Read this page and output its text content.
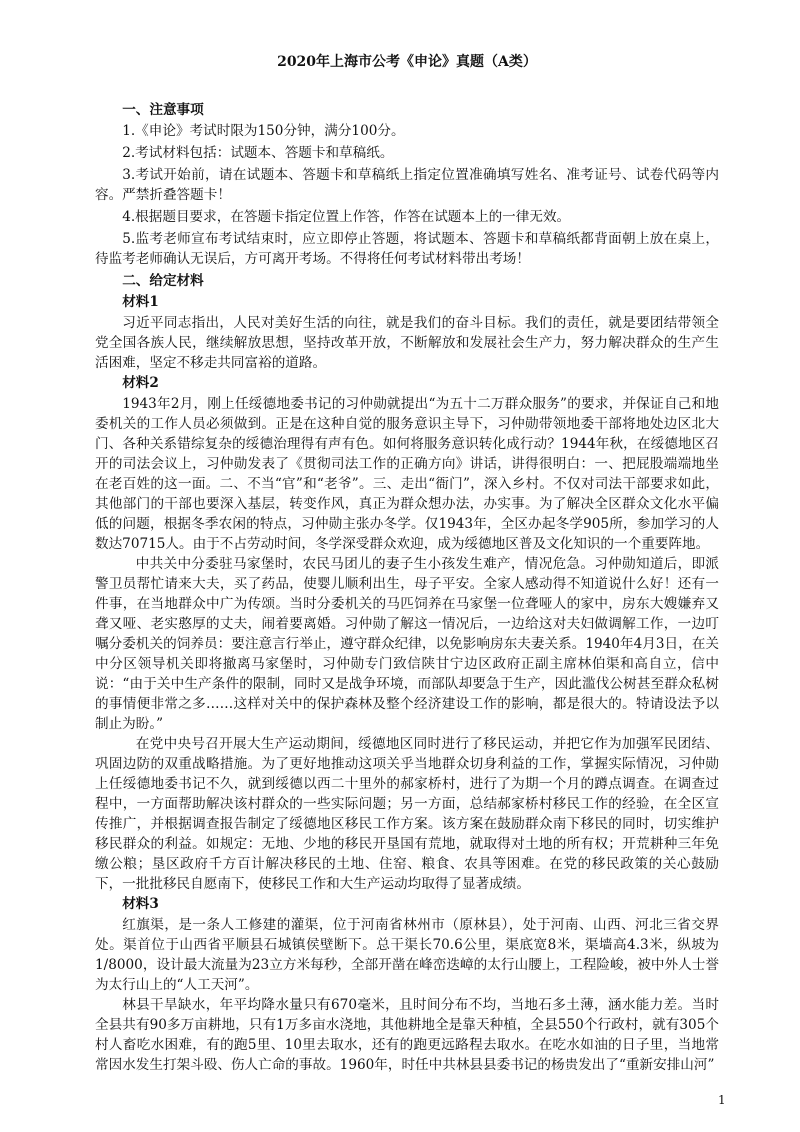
2020年上海市公考《申论》真题（A类）

一、注意事项

1.《申论》考试时限为150分钟，满分100分。

2.考试材料包括：试题本、答题卡和草稿纸。

3.考试开始前，请在试题本、答题卡和草稿纸上指定位置准确填写姓名、准考证号、试卷代码等内容。严禁折叠答题卡！

4.根据题目要求，在答题卡指定位置上作答，作答在试题本上的一律无效。

5.监考老师宣布考试结束时，应立即停止答题，将试题本、答题卡和草稿纸都背面朝上放在桌上，待监考老师确认无误后，方可离开考场。不得将任何考试材料带出考场！

二、给定材料

材料1

习近平同志指出，人民对美好生活的向往，就是我们的奋斗目标。我们的责任，就是要团结带领全党全国各族人民，继续解放思想，坚持改革开放，不断解放和发展社会生产力，努力解决群众的生产生活困难，坚定不移走共同富裕的道路。

材料2

1943年2月，刚上任绥德地委书记的习仲勋就提出“为五十二万群众服务”的要求，并保证自己和地委机关的工作人员必须做到。正是在这种自觉的服务意识主导下，习仲勋带领地委干部将地处边区北大门、各种关系错综复杂的绥德治理得有声有色。如何将服务意识转化成行动？1944年秋，在绥德地区召开的司法会议上，习仲勋发表了《贯彻司法工作的正确方向》讲话，讲得很明白：一、把屁股端端地坐在老百姓的这一面。二、不当“官”和“老爷”。三、走出“衙门”，深入乡村。不仅对司法干部要求如此，其他部门的干部也要深入基层，转变作风，真正为群众想办法，办实事。为了解决全区群众文化水平偏低的问题，根据冬季农闲的特点，习仲勋主张办冬学。仅1943年，全区办起冬学905所，参加学习的人数达70715人。由于不占劳动时间，冬学深受群众欢迎，成为绥德地区普及文化知识的一个重要阵地。

中共关中分委驻马家堡时，农民马团儿的妻子生小孩发生难产，情况危急。习仲勋知道后，即派警卫员帮忙请来大夫，买了药品，使婴儿顺利出生，母子平安。全家人感动得不知道说什么好！还有一件事，在当地群众中广为传颂。当时分委机关的马匹饲养在马家堡一位聋哑人的家中，房东大嫂嫌弃又聋又哑、老实憨厚的丈夫，闹着要离婚。习仲勋了解这一情况后，一边给这对夫妇做调解工作，一边叮嘱分委机关的饲养员：要注意言行举止，遵守群众纪律，以免影响房东夫妻关系。1940年4月3日，在关中分区领导机关即将撤离马家堡时，习仲勋专门致信陕甘宁边区政府正副主席林伯渠和高自立，信中说：“由于关中生产条件的限制，同时又是战争环境，而部队却要急于生产，因此滥伐公树甚至群众私树的事情便非常之多……这样对关中的保护森林及整个经济建设工作的影响，都是很大的。特请设法予以制止为盼。”

在党中央号召开展大生产运动期间，绥德地区同时进行了移民运动，并把它作为加强军民团结、巩固边防的双重战略措施。为了更好地推动这项关乎当地群众切身利益的工作，掌握实际情况，习仲勋上任绥德地委书记不久，就到绥德以西二十里外的郝家桥村，进行了为期一个月的蹲点调查。在调查过程中，一方面帮助解决该村群众的一些实际问题；另一方面，总结郝家桥村移民工作的经验，在全区宣传推广，并根据调查报告制定了绥德地区移民工作方案。该方案在鼓励群众南下移民的同时，切实维护移民群众的利益。如规定：无地、少地的移民开垦国有荒地，就取得对土地的所有权；开荒耕种三年免缴公粮；垦区政府千方百计解决移民的土地、住窑、粮食、农具等困难。在党的移民政策的关心鼓励下，一批批移民自愿南下，使移民工作和大生产运动均取得了显著成绩。

材料3

红旗渠，是一条人工修建的灌渠，位于河南省林州市（原林县），处于河南、山西、河北三省交界处。渠首位于山西省平顺县石城镇侯壁断下。总干渠长70.6公里，渠底宽8米，渠墙高4.3米，纵坡为1/8000，设计最大流量为23立方米每秒，全部开凿在峰峦迭嶂的太行山腰上，工程险峻，被中外人士誉为太行山上的“人工天河”。

林县干旱缺水，年平均降水量只有670毫米，且时间分布不均，当地石多土薄，涵水能力差。当时全县共有90多万亩耕地，只有1万多亩水浇地，其他耕地全是靠天种植，全县550个行政村，就有305个村人畜吃水困难，有的跑5里、10里去取水，还有的跑更远路程去取水。在吃水如油的日子里，当地常常因水发生打架斗殴、伤人亡命的事故。1960年，时任中共林县县委书记的杨贵发出了“重新安排山河”

1
